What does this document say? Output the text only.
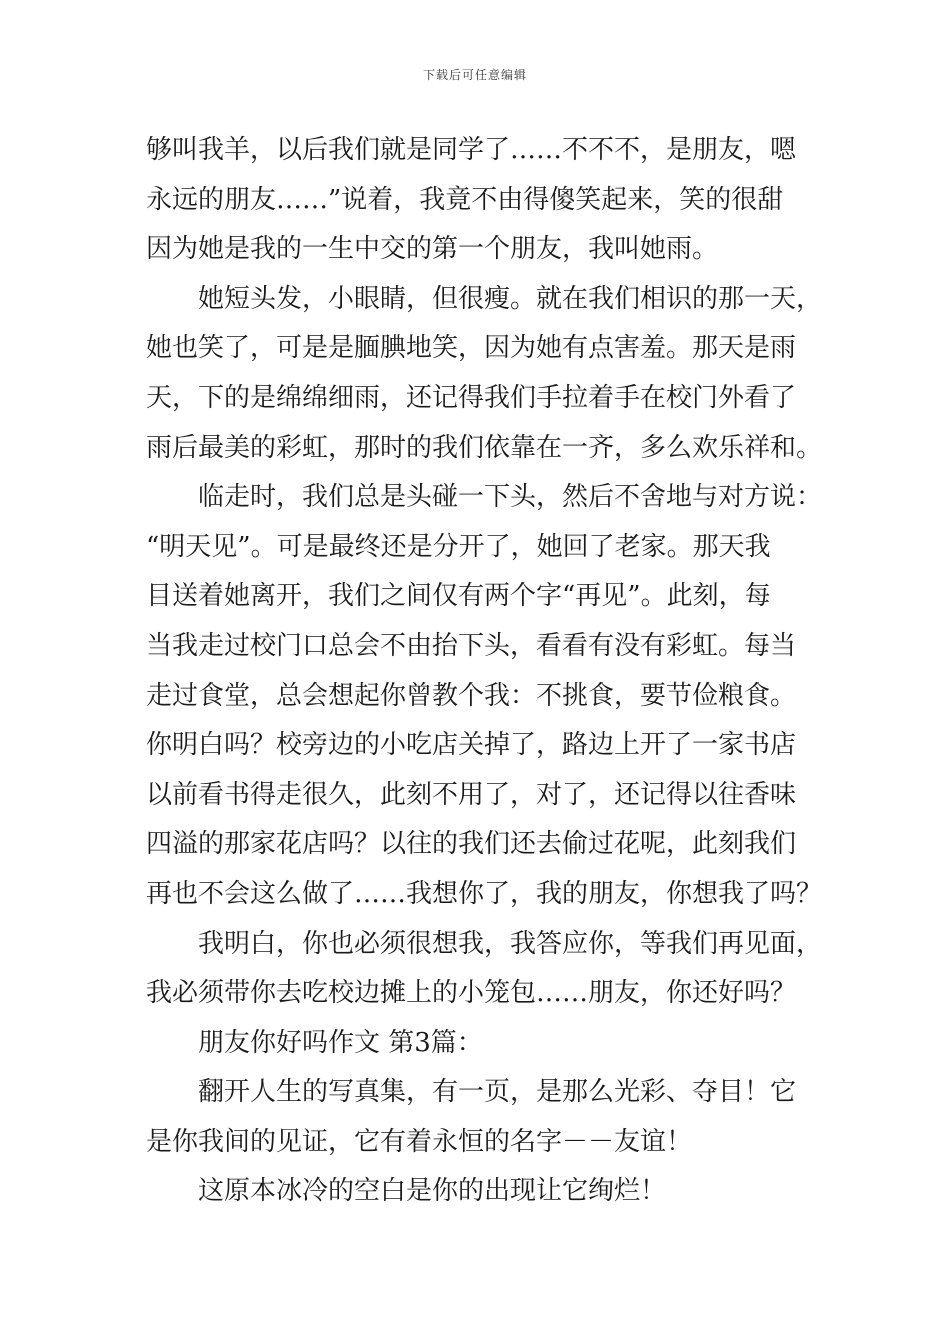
下载后可任意编辑
够叫我羊，以后我们就是同学了……不不不，是朋友，嗯
永远的朋友……”说着，我竟不由得傻笑起来，笑的很甜
因为她是我的一生中交的第一个朋友，我叫她雨。
她短头发，小眼睛，但很瘦。就在我们相识的那一天，
她也笑了，可是是腼腆地笑，因为她有点害羞。那天是雨
天，下的是绵绵细雨，还记得我们手拉着手在校门外看了
雨后最美的彩虹，那时的我们依靠在一齐，多么欢乐祥和。
临走时，我们总是头碰一下头，然后不舍地与对方说：
“明天见”。可是最终还是分开了，她回了老家。那天我
目送着她离开，我们之间仅有两个字“再见”。此刻，每
当我走过校门口总会不由抬下头，看看有没有彩虹。每当
走过食堂，总会想起你曾教个我：不挑食，要节俭粮食。
你明白吗？校旁边的小吃店关掉了，路边上开了一家书店
以前看书得走很久，此刻不用了，对了，还记得以往香味
四溢的那家花店吗？以往的我们还去偷过花呢，此刻我们
再也不会这么做了……我想你了，我的朋友，你想我了吗？
我明白，你也必须很想我，我答应你，等我们再见面，
我必须带你去吃校边摊上的小笼包……朋友，你还好吗？
朋友你好吗作文 第3篇：
翻开人生的写真集，有一页，是那么光彩、夺目！它
是你我间的见证，它有着永恒的名字－－友谊！
这原本冰冷的空白是你的出现让它绚烂！
